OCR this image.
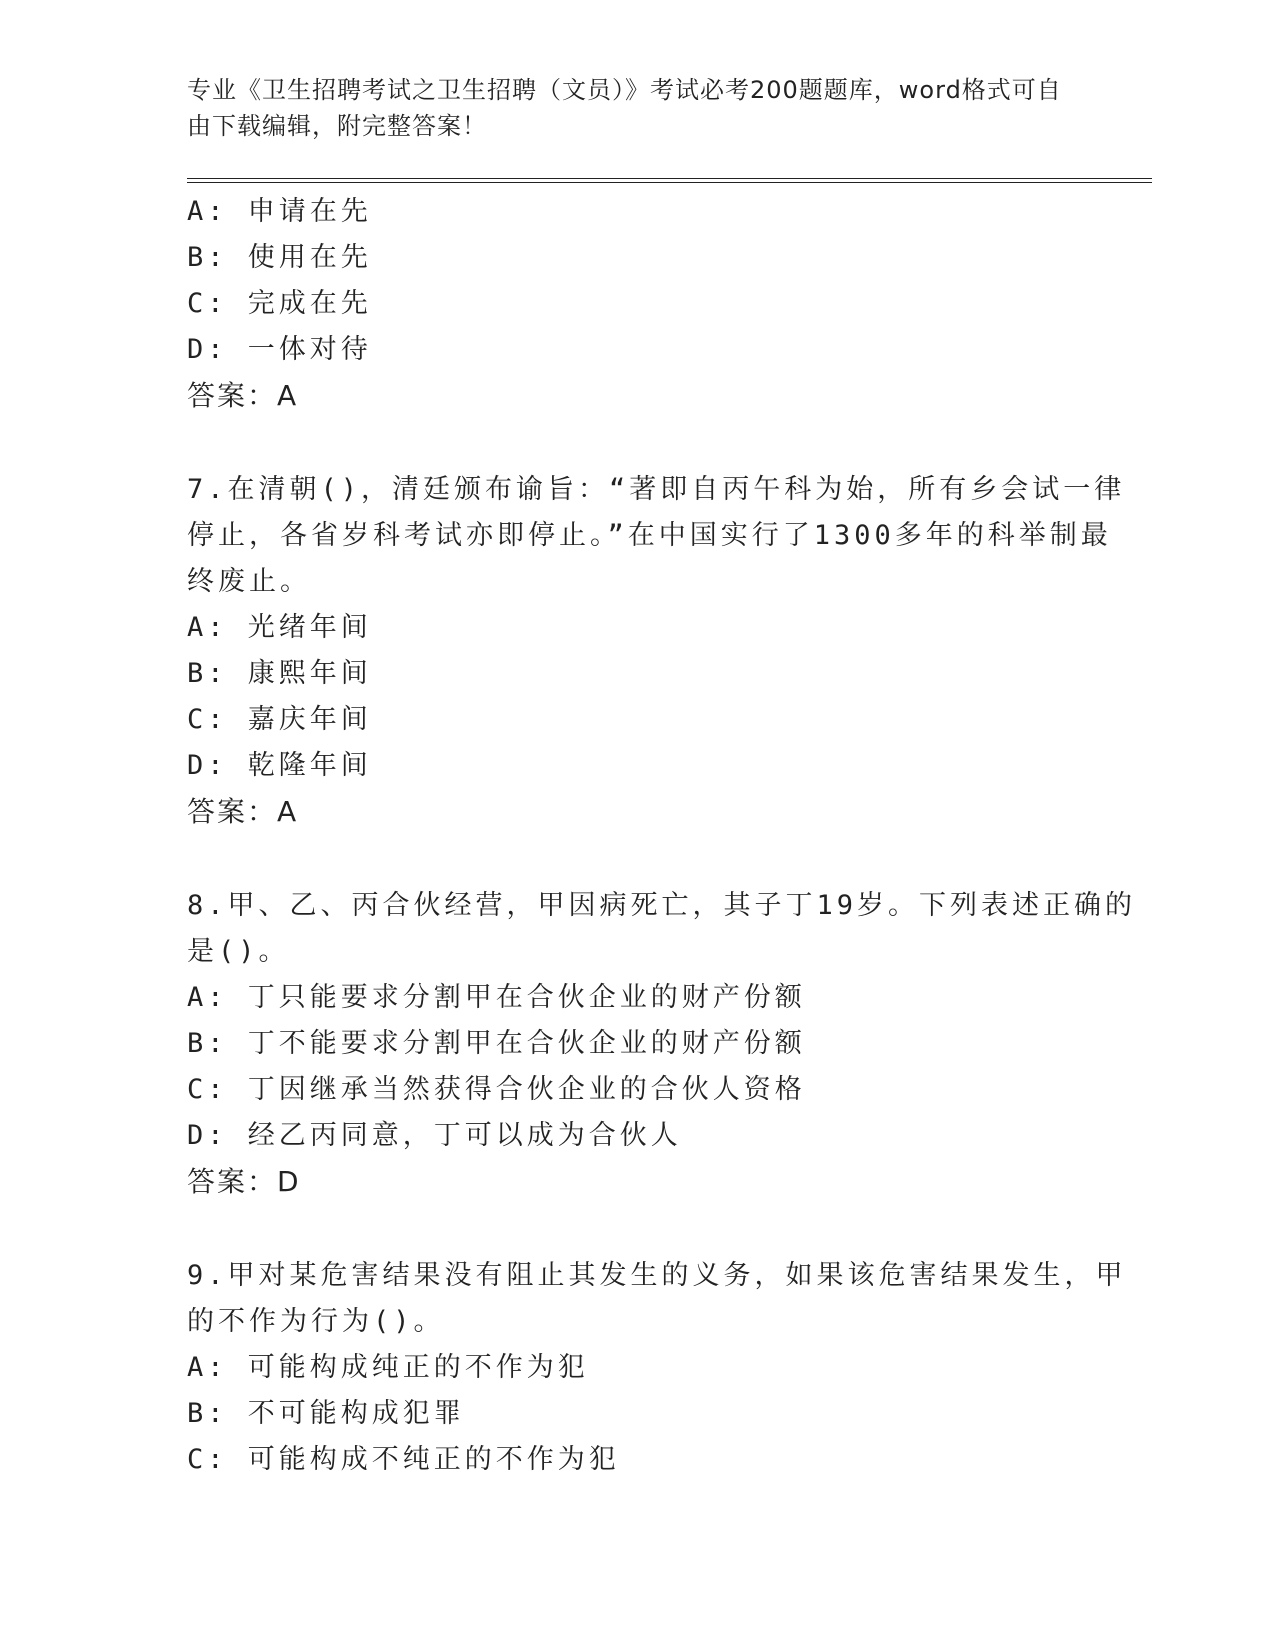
专业《卫生招聘考试之卫生招聘（文员）》考试必考200题题库，word格式可自
由下载编辑，附完整答案！
A: 申请在先
B: 使用在先
C: 完成在先
D: 一体对待
答案：A
7.在清朝()，清廷颁布谕旨：“著即自丙午科为始，所有乡会试一律
停止，各省岁科考试亦即停止。”在中国实行了1300多年的科举制最
终废止。
A: 光绪年间
B: 康熙年间
C: 嘉庆年间
D: 乾隆年间
答案：A
8.甲、乙、丙合伙经营，甲因病死亡，其子丁19岁。下列表述正确的
是()。
A: 丁只能要求分割甲在合伙企业的财产份额
B: 丁不能要求分割甲在合伙企业的财产份额
C: 丁因继承当然获得合伙企业的合伙人资格
D: 经乙丙同意，丁可以成为合伙人
答案：D
9.甲对某危害结果没有阻止其发生的义务，如果该危害结果发生，甲
的不作为行为()。
A: 可能构成纯正的不作为犯
B: 不可能构成犯罪
C: 可能构成不纯正的不作为犯
